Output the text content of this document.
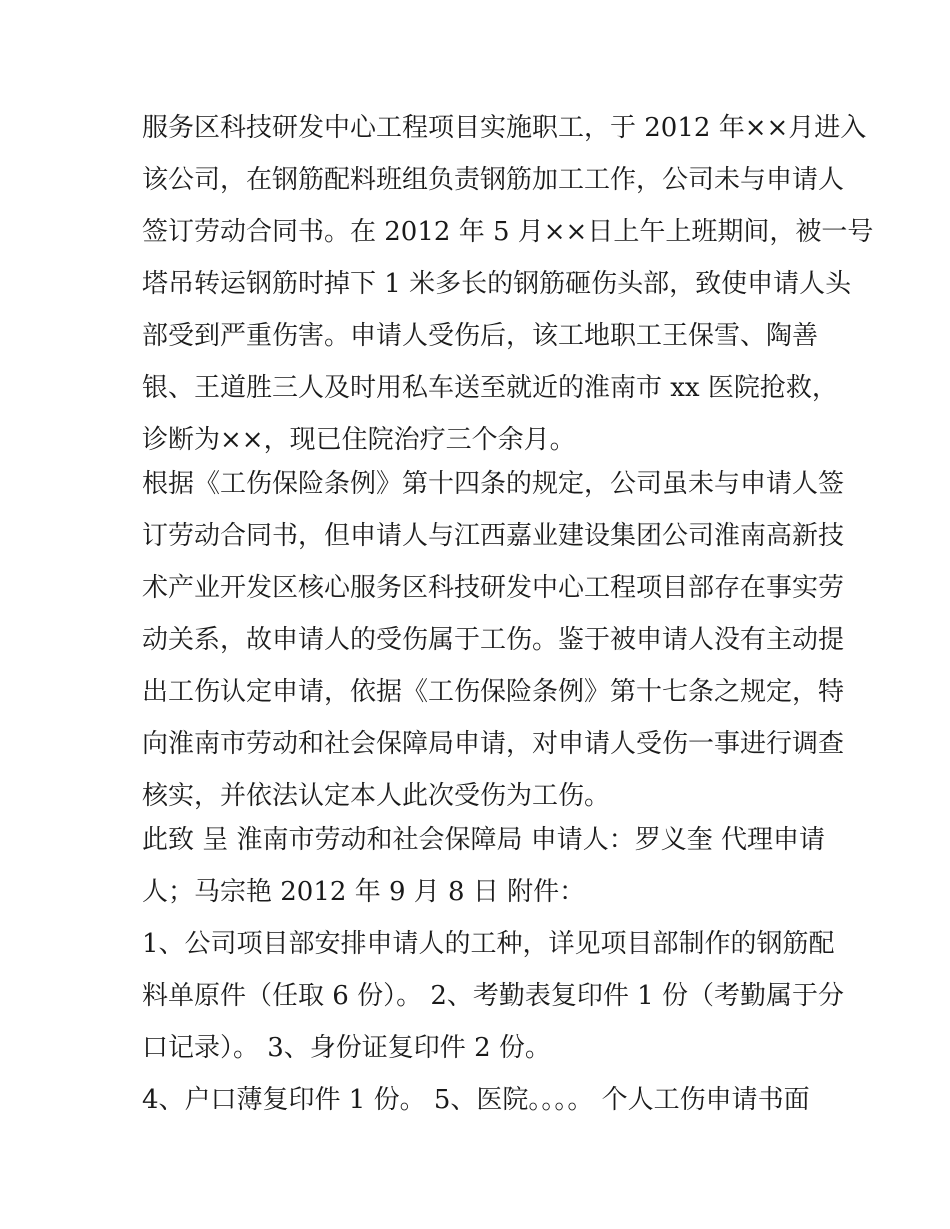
服务区科技研发中心工程项目实施职工，于 2012 年××月进入
该公司，在钢筋配料班组负责钢筋加工工作，公司未与申请人
签订劳动合同书。在 2012 年 5 月××日上午上班期间，被一号
塔吊转运钢筋时掉下 1 米多长的钢筋砸伤头部，致使申请人头
部受到严重伤害。申请人受伤后，该工地职工王保雪、陶善
银、王道胜三人及时用私车送至就近的淮南市 xx 医院抢救，
诊断为××，现已住院治疗三个余月。
根据《工伤保险条例》第十四条的规定，公司虽未与申请人签
订劳动合同书，但申请人与江西嘉业建设集团公司淮南高新技
术产业开发区核心服务区科技研发中心工程项目部存在事实劳
动关系，故申请人的受伤属于工伤。鉴于被申请人没有主动提
出工伤认定申请，依据《工伤保险条例》第十七条之规定，特
向淮南市劳动和社会保障局申请，对申请人受伤一事进行调查
核实，并依法认定本人此次受伤为工伤。
此致 呈 淮南市劳动和社会保障局 申请人：罗义奎 代理申请
人；马宗艳 2012 年 9 月 8 日 附件：
1、公司项目部安排申请人的工种，详见项目部制作的钢筋配
料单原件（任取 6 份）。 2、考勤表复印件 1 份（考勤属于分
口记录）。 3、身份证复印件 2 份。
4、户口薄复印件 1 份。 5、医院。。。。 个人工伤申请书面
